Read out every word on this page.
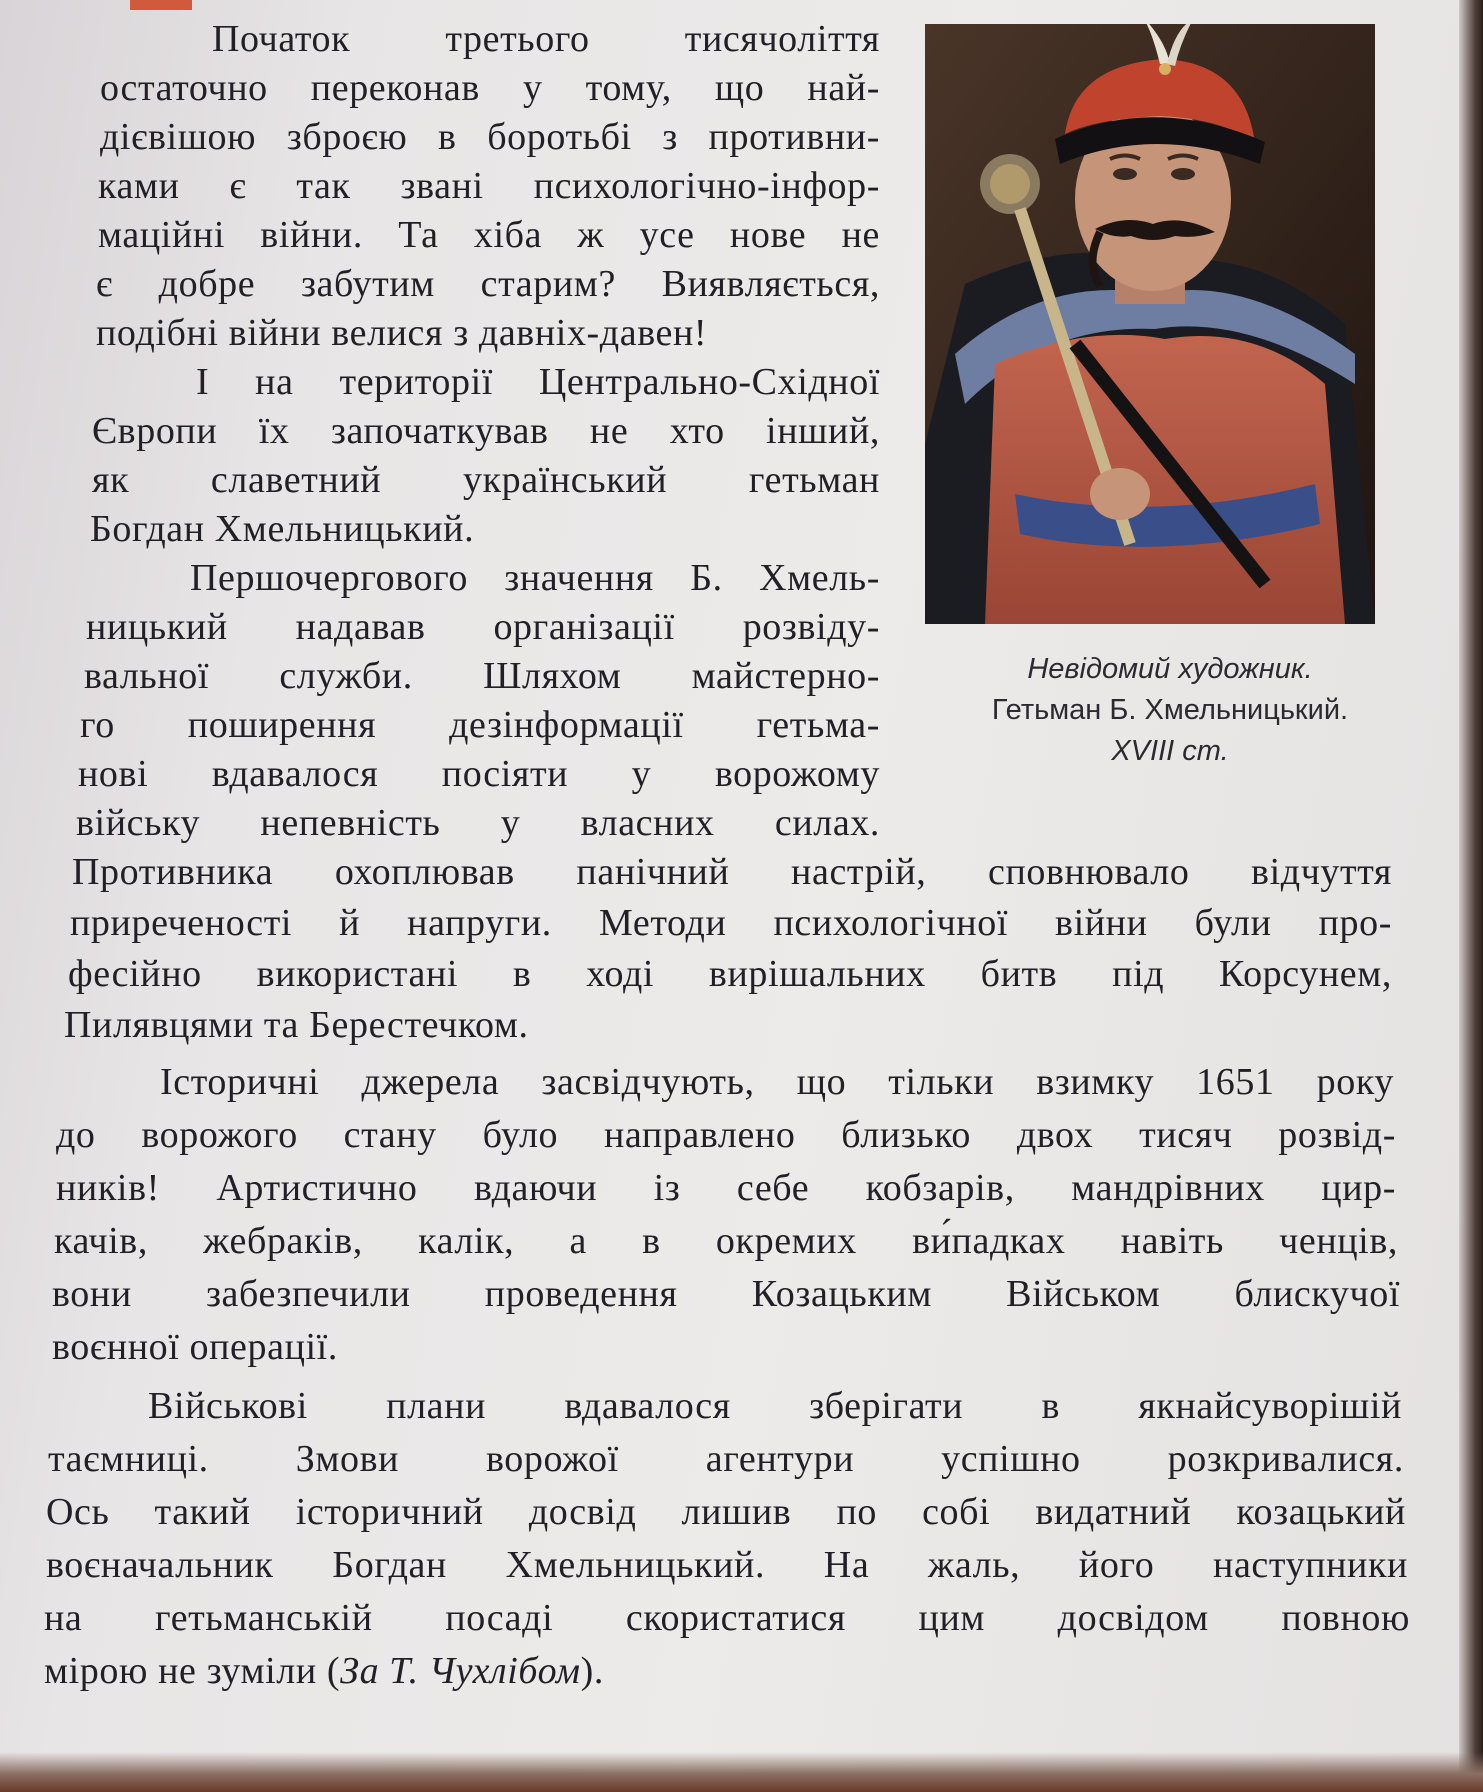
Невідомий художник.
Гетьман Б. Хмельницький.
XVIII ст.
Початок третього тисячоліття
остаточно переконав у тому, що най-
дієвішою зброєю в боротьбі з противни-
ками є так звані психологічно-інфор-
маційні війни. Та хіба ж усе нове не
є добре забутим старим? Виявляється,
подібні війни велися з давніх-давен!
І на території Центрально-Східної
Європи їх започаткував не хто інший,
як славетний український гетьман
Богдан Хмельницький.
Першочергового значення Б. Хмель-
ницький надавав організації розвіду-
вальної служби. Шляхом майстерно-
го поширення дезінформації гетьма-
нові вдавалося посіяти у ворожому
війську непевність у власних силах.
Противника охоплював панічний настрій, сповнювало відчуття
приреченості й напруги. Методи психологічної війни були про-
фесійно використані в ході вирішальних битв під Корсунем,
Пилявцями та Берестечком.
Історичні джерела засвідчують, що тільки взимку 1651 року
до ворожого стану було направлено близько двох тисяч розвід-
ників! Артистично вдаючи із себе кобзарів, мандрівних цир-
качів, жебраків, калік, а в окремих ви́падках навіть ченців,
вони забезпечили проведення Козацьким Військом блискучої
воєнної операції.
Військові плани вдавалося зберігати в якнайсуворішій
таємниці. Змови ворожої агентури успішно розкривалися.
Ось такий історичний досвід лишив по собі видатний козацький
воєначальник Богдан Хмельницький. На жаль, його наступники
на гетьманській посаді скористатися цим досвідом повною
мірою не зуміли (За Т. Чухлібом).
